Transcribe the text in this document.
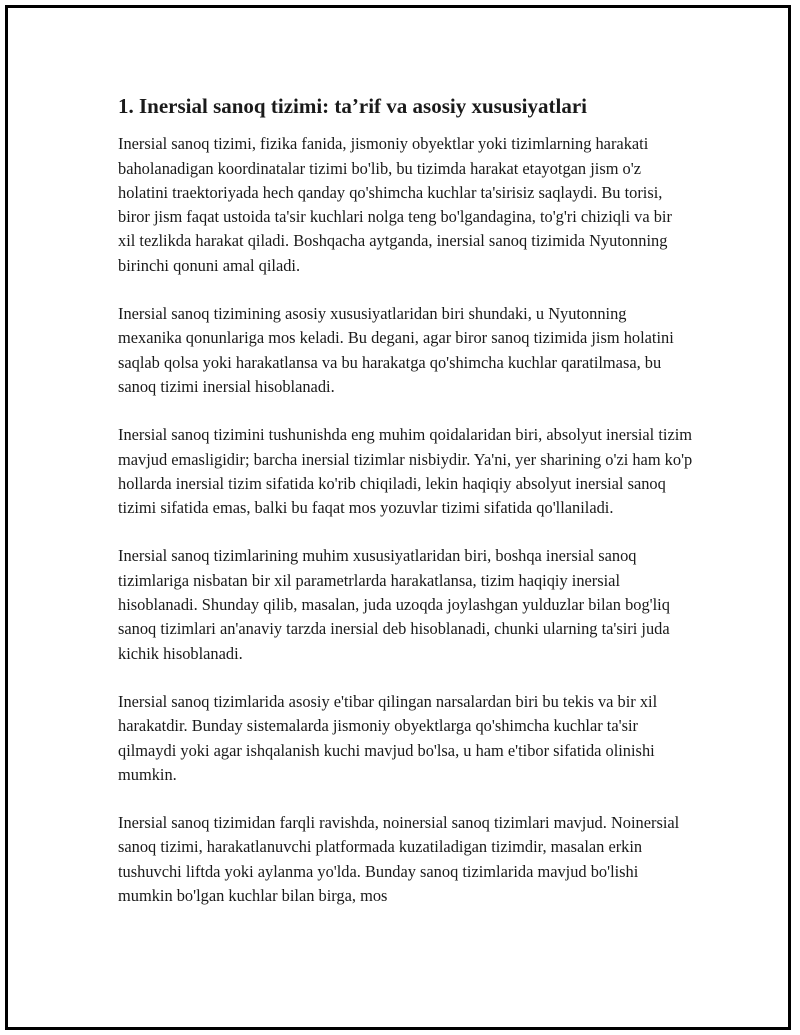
1. Inersial sanoq tizimi: ta’rif va asosiy xususiyatlari

Inersial sanoq tizimi, fizika fanida, jismoniy obyektlar yoki tizimlarning harakati baholanadigan koordinatalar tizimi bo'lib, bu tizimda harakat etayotgan jism o'z holatini traektoriyada hech qanday qo'shimcha kuchlar ta'sirisiz saqlaydi. Bu torisi, biror jism faqat ustoida ta'sir kuchlari nolga teng bo'lgandagina, to'g'ri chiziqli va bir xil tezlikda harakat qiladi. Boshqacha aytganda, inersial sanoq tizimida Nyutonning birinchi qonuni amal qiladi.

Inersial sanoq tizimining asosiy xususiyatlaridan biri shundaki, u Nyutonning mexanika qonunlariga mos keladi. Bu degani, agar biror sanoq tizimida jism holatini saqlab qolsa yoki harakatlansa va bu harakatga qo'shimcha kuchlar qaratilmasa, bu sanoq tizimi inersial hisoblanadi.

Inersial sanoq tizimini tushunishda eng muhim qoidalaridan biri, absolyut inersial tizim mavjud emasligidir; barcha inersial tizimlar nisbiydir. Ya'ni, yer sharining o'zi ham ko'p hollarda inersial tizim sifatida ko'rib chiqiladi, lekin haqiqiy absolyut inersial sanoq tizimi sifatida emas, balki bu faqat mos yozuvlar tizimi sifatida qo'llaniladi.

Inersial sanoq tizimlarining muhim xususiyatlaridan biri, boshqa inersial sanoq tizimlariga nisbatan bir xil parametrlarda harakatlansa, tizim haqiqiy inersial hisoblanadi. Shunday qilib, masalan, juda uzoqda joylashgan yulduzlar bilan bog'liq sanoq tizimlari an'anaviy tarzda inersial deb hisoblanadi, chunki ularning ta'siri juda kichik hisoblanadi.

Inersial sanoq tizimlarida asosiy e'tibar qilingan narsalardan biri bu tekis va bir xil harakatdir. Bunday sistemalarda jismoniy obyektlarga qo'shimcha kuchlar ta'sir qilmaydi yoki agar ishqalanish kuchi mavjud bo'lsa, u ham e'tibor sifatida olinishi mumkin.

Inersial sanoq tizimidan farqli ravishda, noinersial sanoq tizimlari mavjud. Noinersial sanoq tizimi, harakatlanuvchi platformada kuzatiladigan tizimdir, masalan erkin tushuvchi liftda yoki aylanma yo'lda. Bunday sanoq tizimlarida mavjud bo'lishi mumkin bo'lgan kuchlar bilan birga, mos
